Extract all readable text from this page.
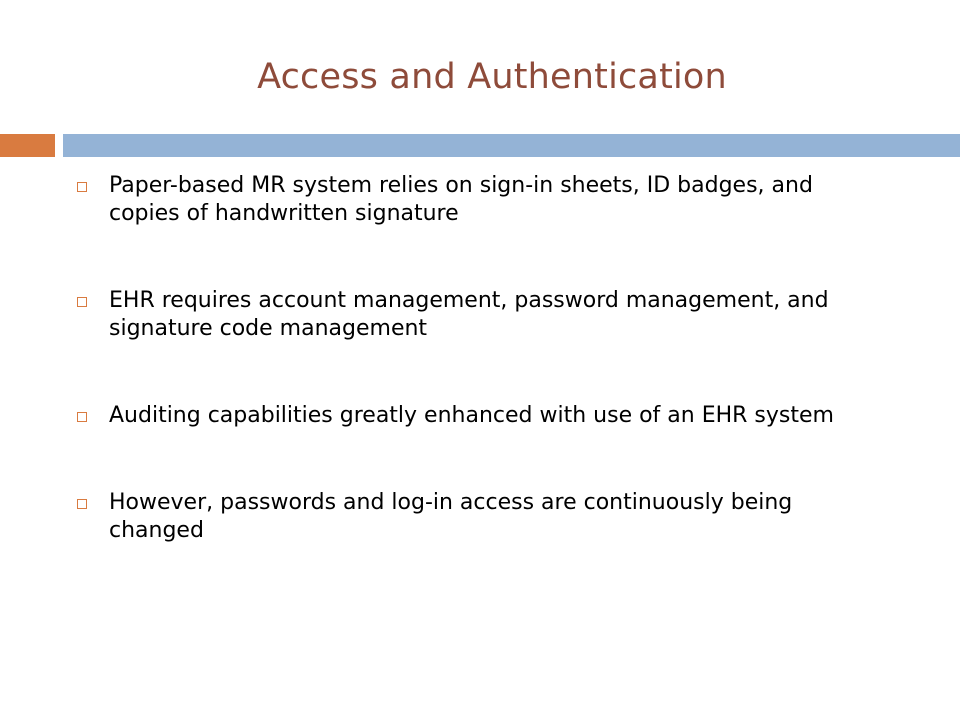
Access and Authentication
Paper-based MR system relies on sign-in sheets, ID badges, and copies of handwritten signature
EHR requires account management, password management, and signature code management
Auditing capabilities greatly enhanced with use of an EHR system
However, passwords and log-in access are continuously being changed
